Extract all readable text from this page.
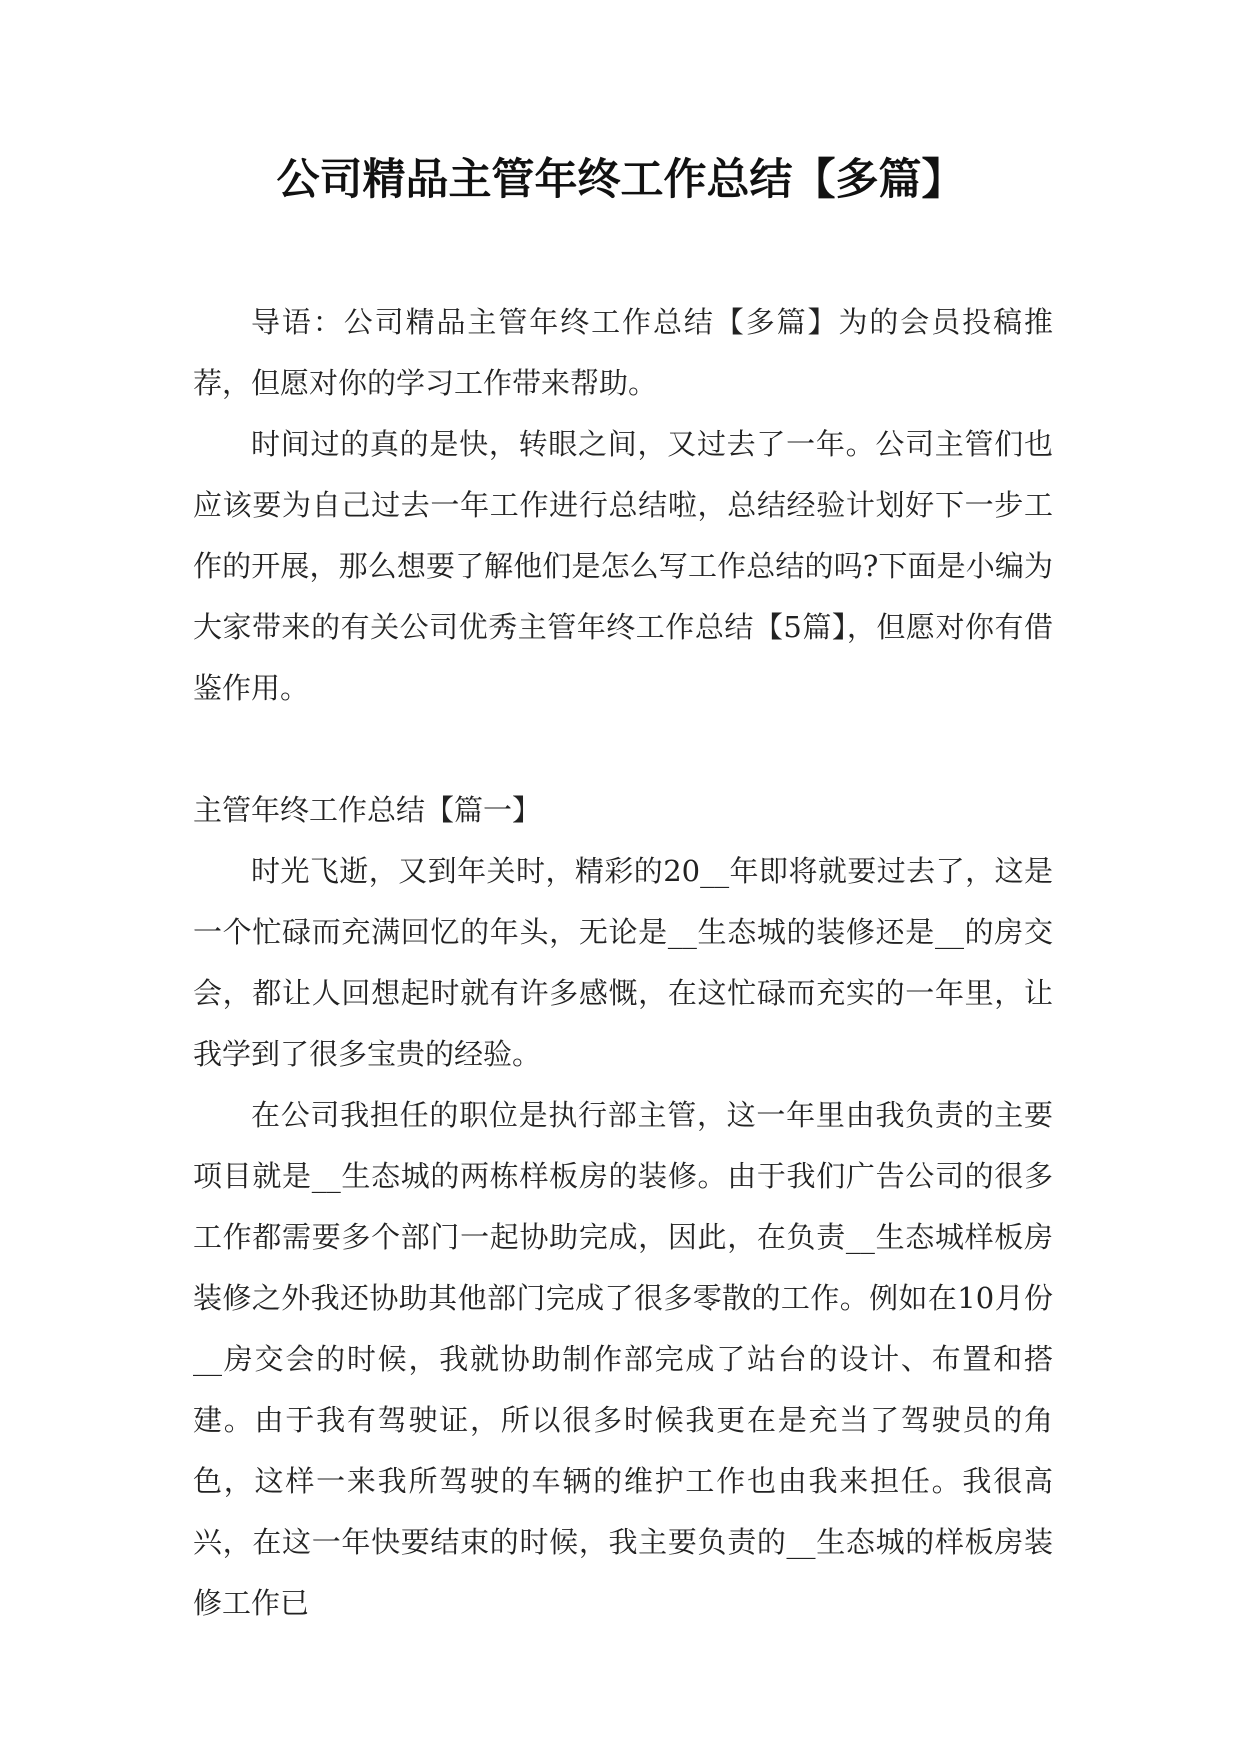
公司精品主管年终工作总结【多篇】

导语：公司精品主管年终工作总结【多篇】为的会员投稿推荐，但愿对你的学习工作带来帮助。

时间过的真的是快，转眼之间，又过去了一年。公司主管们也应该要为自己过去一年工作进行总结啦，总结经验计划好下一步工作的开展，那么想要了解他们是怎么写工作总结的吗?下面是小编为大家带来的有关公司优秀主管年终工作总结【5篇】，但愿对你有借鉴作用。

主管年终工作总结【篇一】

时光飞逝，又到年关时，精彩的20__年即将就要过去了，这是一个忙碌而充满回忆的年头，无论是__生态城的装修还是__的房交会，都让人回想起时就有许多感慨，在这忙碌而充实的一年里，让我学到了很多宝贵的经验。

在公司我担任的职位是执行部主管，这一年里由我负责的主要项目就是__生态城的两栋样板房的装修。由于我们广告公司的很多工作都需要多个部门一起协助完成，因此，在负责__生态城样板房装修之外我还协助其他部门完成了很多零散的工作。例如在10月份__房交会的时候，我就协助制作部完成了站台的设计、布置和搭建。由于我有驾驶证，所以很多时候我更在是充当了驾驶员的角色，这样一来我所驾驶的车辆的维护工作也由我来担任。我很高兴，在这一年快要结束的时候，我主要负责的__生态城的样板房装修工作已
